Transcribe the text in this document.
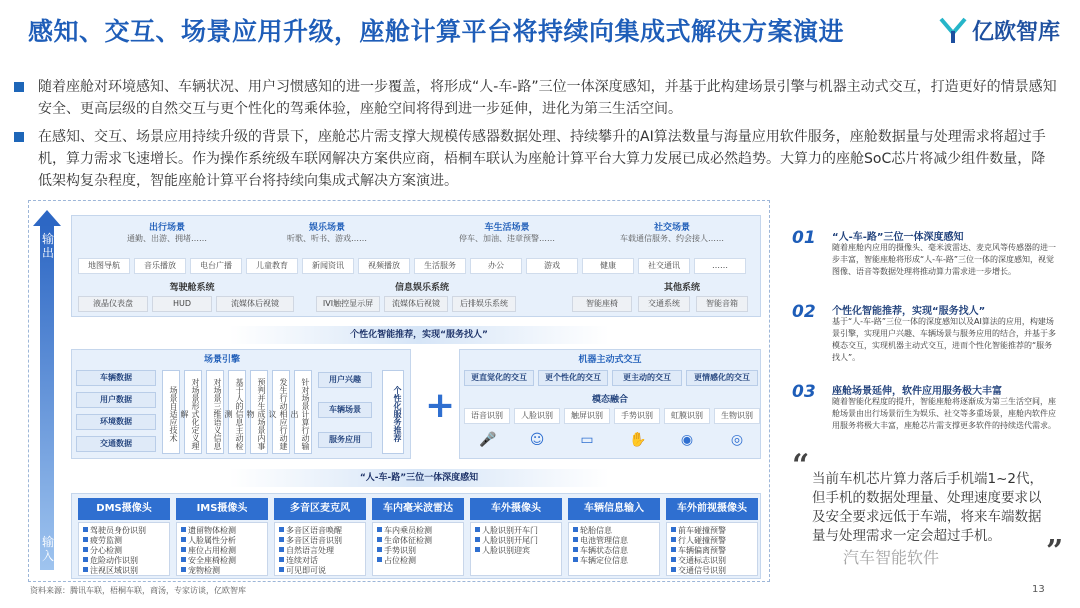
感知、交互、场景应用升级，座舱计算平台将持续向集成式解决方案演进	亿欧智库
随着座舱对环境感知、车辆状况、用户习惯感知的进一步覆盖，将形成“人-车-路”三位一体深度感知，并基于此构建场景引擎与机器主动式交互，打造更好的情景感知安全、更高层级的自然交互与更个性化的驾乘体验，座舱空间将得到进一步延伸，进化为第三生活空间。
在感知、交互、场景应用持续升级的背景下，座舱芯片需支撑大规模传感器数据处理、持续攀升的AI算法数量与海量应用软件服务，座舱数据量与处理需求将超过手机，算力需求飞速增长。作为操作系统级车联网解决方案供应商，梧桐车联认为座舱计算平台大算力发展已成必然趋势。大算力的座舱SoC芯片将减少组件数量，降低架构复杂程度，智能座舱计算平台将持续向集成式解决方案演进。
输出
输入
出行场景
通勤、出游、拥堵……
娱乐场景
听歌、听书、游戏……
车生活场景
停车、加油、违章预警……
社交场景
车载通信服务、约会接人……
地图导航	音乐播放	电台广播	儿童教育	新闻资讯	视频播放	生活服务	办公	游戏	健康	社交通讯	……
驾驶舱系统
液晶仪表盘	HUD	流媒体后视镜
信息娱乐系统
IVI触控显示屏	流媒体后视镜	后排娱乐系统
其他系统
智能座椅	交通系统	智能音箱
个性化智能推荐，实现“服务找人”
场景引擎
车辆数据
用户数据
环境数据
交通数据
场景自适应技术	对场景形式化定义理解	对场景三维语义信息	基于人的信息主动检测	预判并生成场景内事物	发生行动相应行动建议	针对场景计算行动输出
用户兴趣
车辆场景
服务应用	个性化服务推荐 +
机器主动式交互
更直觉化的交互	更个性化的交互	更主动的交互	更情感化的交互
模态融合
语音识别	人脸识别	触屏识别	手势识别	虹膜识别	生物识别
🎤 ☺	▭	✋ ◉	◎
“人-车-路”三位一体深度感知
DMS摄像头
驾驶员身份识别
疲劳监测
分心检测
危险动作识别
注视区域识别
IMS摄像头
遗留物体检测
人脸属性分析
座位占用检测
安全座椅检测
宠物检测
多音区麦克风
多音区语音唤醒
多音区语音识别
自然语言处理
连续对话
可见即可说
车内毫米波雷达
车内乘员检测
生命体征检测
手势识别
占位检测
车外摄像头
人脸识别开车门
人脸识别开尾门
人脸识别迎宾
车辆信息输入
轮胎信息
电池管理信息
车辆状态信息
车辆定位信息
车外前视摄像头
前车碰撞预警
行人碰撞预警
车辆偏离预警
交通标志识别
交通信号识别
01 “人-车-路”三位一体深度感知
随着座舱内应用的摄像头、毫米波雷达、麦克风等传感器的进一步丰富，智能座舱将形成“人-车-路”三位一体的深度感知，视觉图像、语音等数据处理将推动算力需求进一步增长。
02 个性化智能推荐，实现“服务找人”
基于“人-车-路”三位一体的深度感知以及AI算法的应用，构建场景引擎，实现用户兴趣、车辆场景与服务应用的结合，并基于多模态交互，实现机器主动式交互，进而个性化智能推荐的“服务找人”。
03 座舱场景延伸，软件应用服务极大丰富
随着智能化程度的提升，智能座舱将逐渐成为第三生活空间，座舱场景由出行场景衍生为娱乐、社交等多重场景，座舱内软件应用服务将极大丰富，座舱芯片需支撑更多软件的持续迭代需求。
“ 当前车机芯片算力落后手机端1~2代，但手机的数据处理量、处理速度要求以及安全要求远低于车端，将来车端数据量与处理需求一定会超过手机。	”
汽车智能软件
资料来源：腾讯车联，梧桐车联，商汤，专家访谈，亿欧智库	13
